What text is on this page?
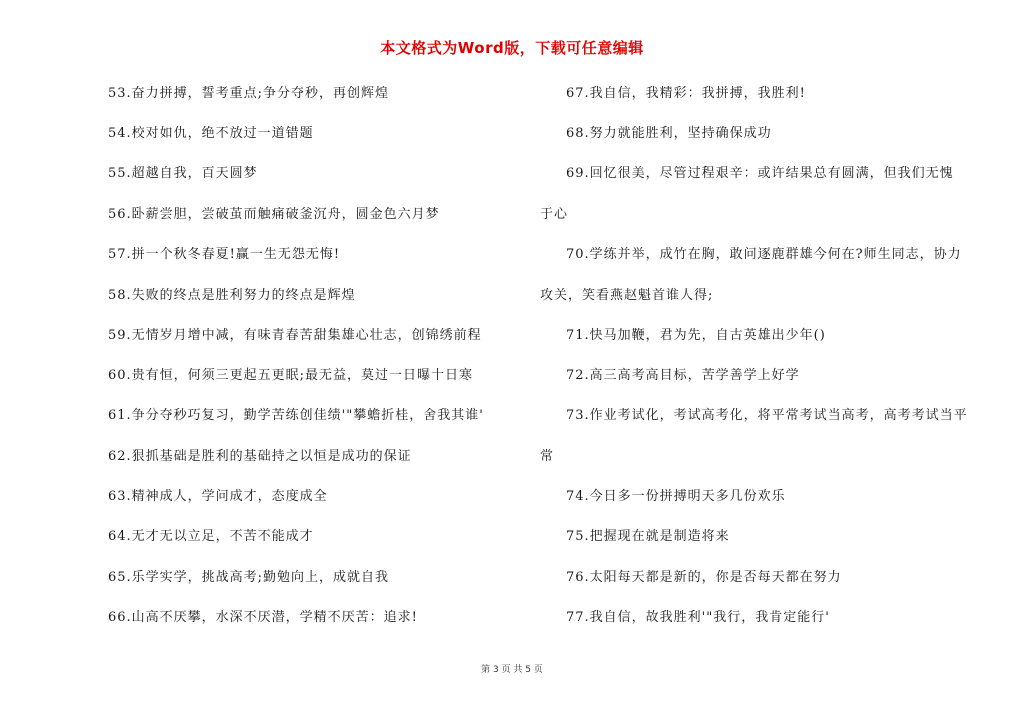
本文格式为Word版，下载可任意编辑
53.奋力拼搏，誓考重点;争分夺秒，再创辉煌
54.校对如仇，绝不放过一道错题
55.超越自我，百天圆梦
56.卧薪尝胆，尝破茧而触痛破釜沉舟，圆金色六月梦
57.拼一个秋冬春夏!赢一生无怨无悔!
58.失败的终点是胜利努力的终点是辉煌
59.无情岁月增中减，有味青春苦甜集雄心壮志，创锦绣前程
60.贵有恒，何须三更起五更眠;最无益，莫过一日曝十日寒
61.争分夺秒巧复习，勤学苦练创佳绩'"攀蟾折桂，舍我其谁'
62.狠抓基础是胜利的基础持之以恒是成功的保证
63.精神成人，学问成才，态度成全
64.无才无以立足，不苦不能成才
65.乐学实学，挑战高考;勤勉向上，成就自我
66.山高不厌攀，水深不厌潜，学精不厌苦：追求!
67.我自信，我精彩：我拼搏，我胜利!
68.努力就能胜利，坚持确保成功
69.回忆很美，尽管过程艰辛：或许结果总有圆满，但我们无愧
于心
70.学练并举，成竹在胸，敢问逐鹿群雄今何在?师生同志，协力
攻关，笑看燕赵魁首谁人得;
71.快马加鞭，君为先，自古英雄出少年()
72.高三高考高目标，苦学善学上好学
73.作业考试化，考试高考化，将平常考试当高考，高考考试当平
常
74.今日多一份拼搏明天多几份欢乐
75.把握现在就是制造将来
76.太阳每天都是新的，你是否每天都在努力
77.我自信，故我胜利'"我行，我肯定能行'
第 3 页 共 5 页
